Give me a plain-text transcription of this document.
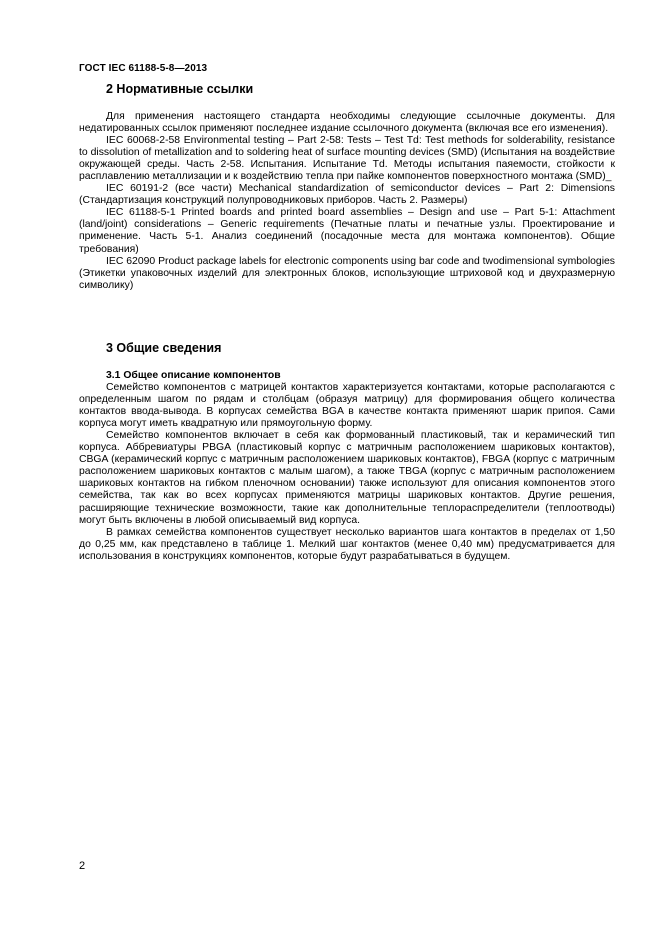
ГОСТ IEC 61188-5-8—2013
2 Нормативные ссылки

Для применения настоящего стандарта необходимы следующие ссылочные документы. Для недатированных ссылок применяют последнее издание ссылочного документа (включая все его изменения).

IEC 60068-2-58 Environmental testing – Part 2-58: Tests – Test Td: Test methods for solderability, resistance to dissolution of metallization and to soldering heat of surface mounting devices (SMD) (Испытания на воздействие окружающей среды. Часть 2-58. Испытания. Испытание Td. Методы испытания паяемости, стойкости к расплавлению металлизации и к воздействию тепла при пайке компонентов поверхностного монтажа (SMD)_

IEC 60191-2 (все части) Mechanical standardization of semiconductor devices – Part 2: Dimensions (Стандартизация конструкций полупроводниковых приборов. Часть 2. Размеры)

IEC 61188-5-1 Printed boards and printed board assemblies – Design and use – Part 5-1: Attachment (land/joint) considerations – Generic requirements (Печатные платы и печатные узлы. Проектирование и применение. Часть 5-1. Анализ соединений (посадочные места для монтажа компонентов). Общие требования)

IEC 62090 Product package labels for electronic components using bar code and twodimensional symbologies (Этикетки упаковочных изделий для электронных блоков, использующие штриховой код и двухразмерную символику)

3 Общие сведения
3.1 Общее описание компонентов

Семейство компонентов с матрицей контактов характеризуется контактами, которые располагаются с определенным шагом по рядам и столбцам (образуя матрицу) для формирования общего количества контактов ввода-вывода. В корпусах семейства BGA в качестве контакта применяют шарик припоя. Сами корпуса могут иметь квадратную или прямоугольную форму.

Семейство компонентов включает в себя как формованный пластиковый, так и керамический тип корпуса. Аббревиатуры PBGA (пластиковый корпус с матричным расположением шариковых контактов), CBGA (керамический корпус с матричным расположением шариковых контактов), FBGA (корпус с матричным расположением шариковых контактов с малым шагом), а также TBGA (корпус с матричным расположением шариковых контактов на гибком пленочном основании) также используют для описания компонентов этого семейства, так как во всех корпусах применяются матрицы шариковых контактов. Другие решения, расширяющие технические возможности, такие как дополнительные теплораспределители (теплоотводы) могут быть включены в любой описываемый вид корпуса.

В рамках семейства компонентов существует несколько вариантов шага контактов в пределах от 1,50 до 0,25 мм, как представлено в таблице 1. Мелкий шаг контактов (менее 0,40 мм) предусматривается для использования в конструкциях компонентов, которые будут разрабатываться в будущем.

2
